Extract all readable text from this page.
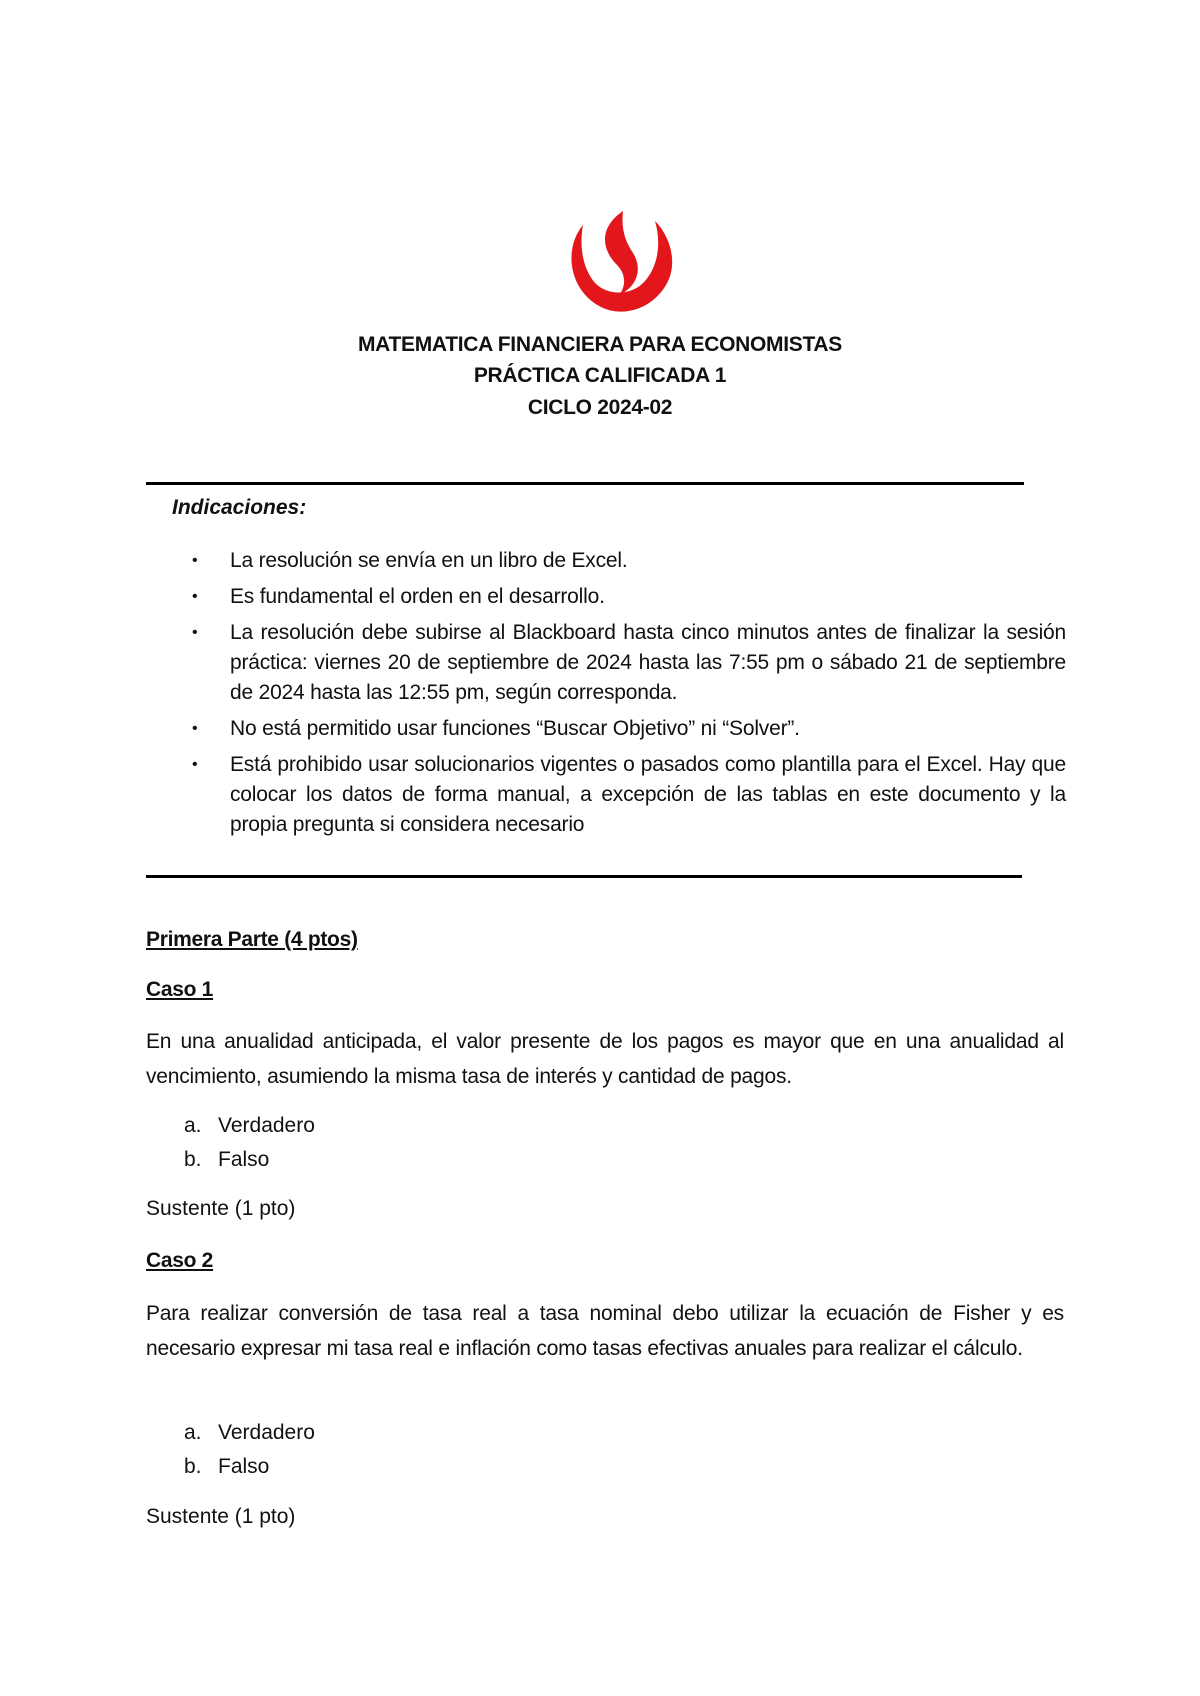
MATEMATICA FINANCIERA PARA ECONOMISTAS
PRÁCTICA CALIFICADA 1
CICLO 2024-02
Indicaciones:
• La resolución se envía en un libro de Excel.
• Es fundamental el orden en el desarrollo.
• La resolución debe subirse al Blackboard hasta cinco minutos antes de finalizar la sesión práctica: viernes 20 de septiembre de 2024 hasta las 7:55 pm o sábado 21 de septiembre de 2024 hasta las 12:55 pm, según corresponda.
• No está permitido usar funciones “Buscar Objetivo” ni “Solver”.
• Está prohibido usar solucionarios vigentes o pasados como plantilla para el Excel. Hay que colocar los datos de forma manual, a excepción de las tablas en este documento y la propia pregunta si considera necesario
Primera Parte (4 ptos)
Caso 1
En una anualidad anticipada, el valor presente de los pagos es mayor que en una anualidad al vencimiento, asumiendo la misma tasa de interés y cantidad de pagos.
a. Verdadero
b. Falso
Sustente (1 pto)
Caso 2
Para realizar conversión de tasa real a tasa nominal debo utilizar la ecuación de Fisher y es necesario expresar mi tasa real e inflación como tasas efectivas anuales para realizar el cálculo.
a. Verdadero
b. Falso
Sustente (1 pto)
